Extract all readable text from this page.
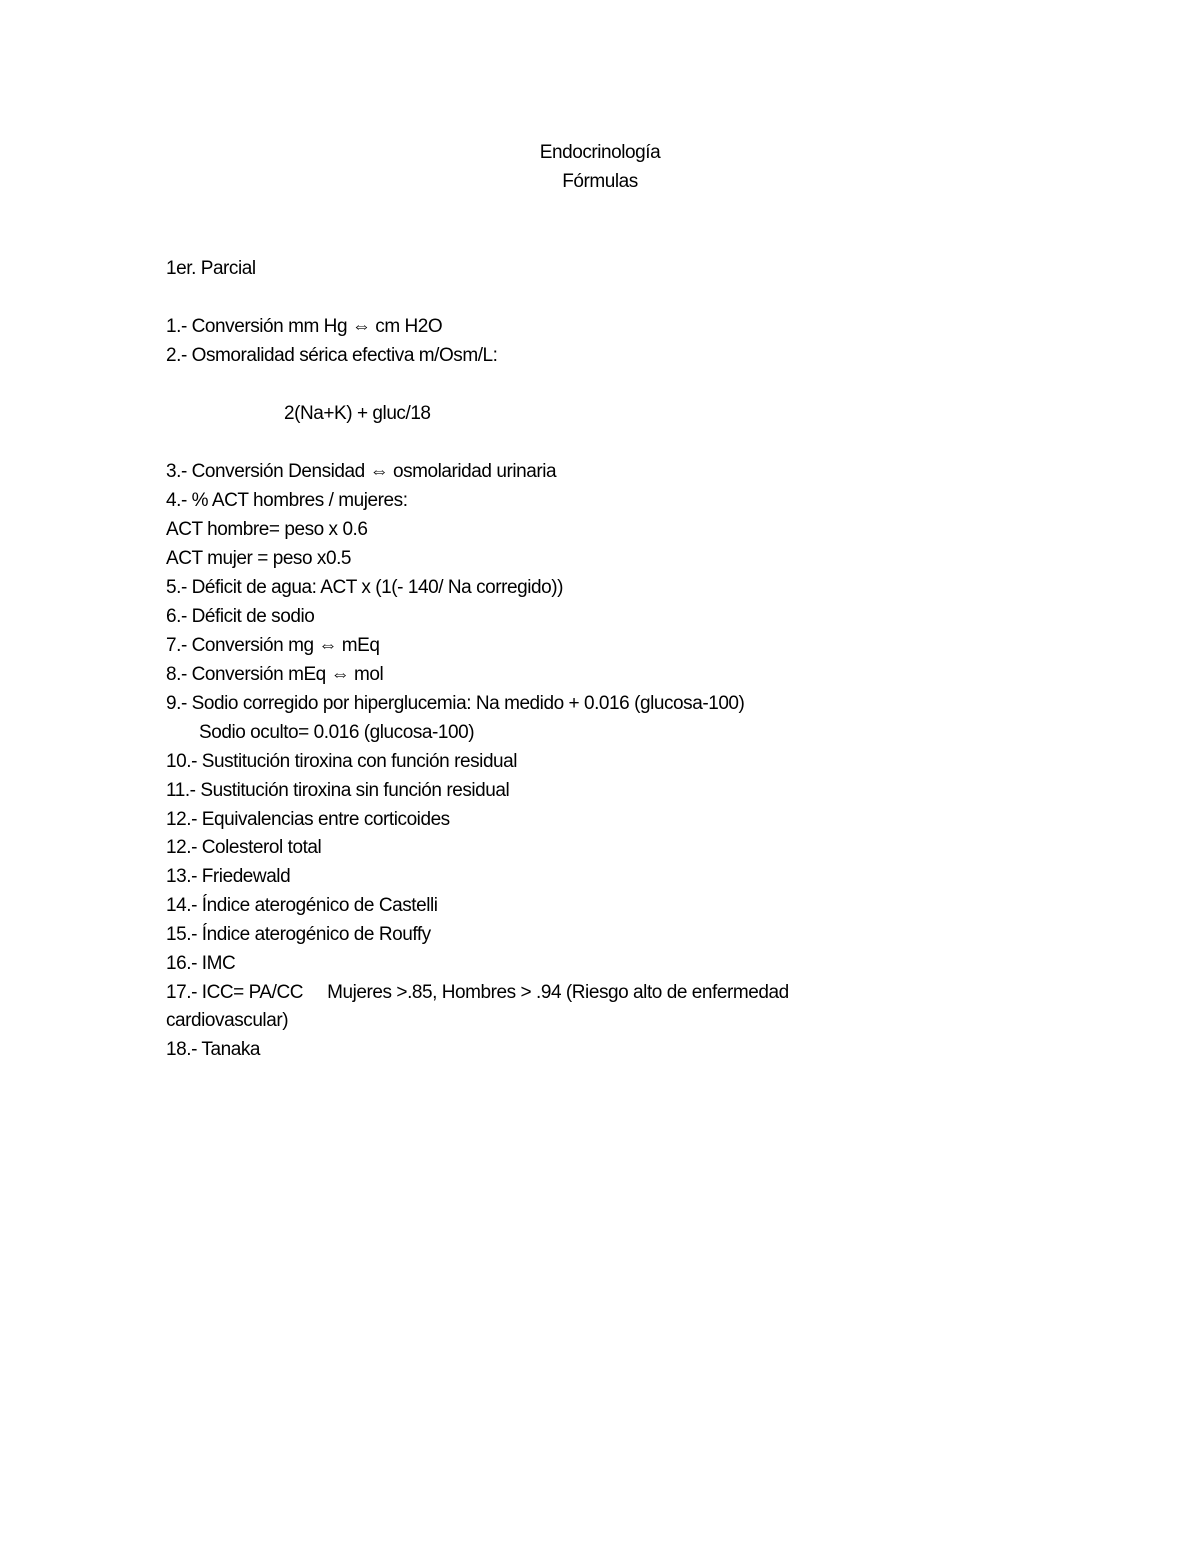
Endocrinología
Fórmulas
1er. Parcial
1.- Conversión mm Hg ⇔ cm H2O
2.- Osmoralidad sérica efectiva m/Osm/L:
2(Na+K) + gluc/18
3.- Conversión Densidad ⇔ osmolaridad urinaria
4.- % ACT hombres / mujeres:
ACT hombre= peso x 0.6
ACT mujer = peso x0.5
5.- Déficit de agua: ACT x (1(- 140/ Na corregido))
6.- Déficit de sodio
7.- Conversión mg ⇔ mEq
8.- Conversión mEq ⇔ mol
9.- Sodio corregido por hiperglucemia: Na medido + 0.016 (glucosa-100)
Sodio oculto= 0.016 (glucosa-100)
10.- Sustitución tiroxina con función residual
11.- Sustitución tiroxina sin función residual
12.- Equivalencias entre corticoides
12.- Colesterol total
13.- Friedewald
14.- Índice aterogénico de Castelli
15.- Índice aterogénico de Rouffy
16.- IMC
17.- ICC= PA/CC     Mujeres >.85, Hombres > .94 (Riesgo alto de enfermedad
cardiovascular)
18.- Tanaka
